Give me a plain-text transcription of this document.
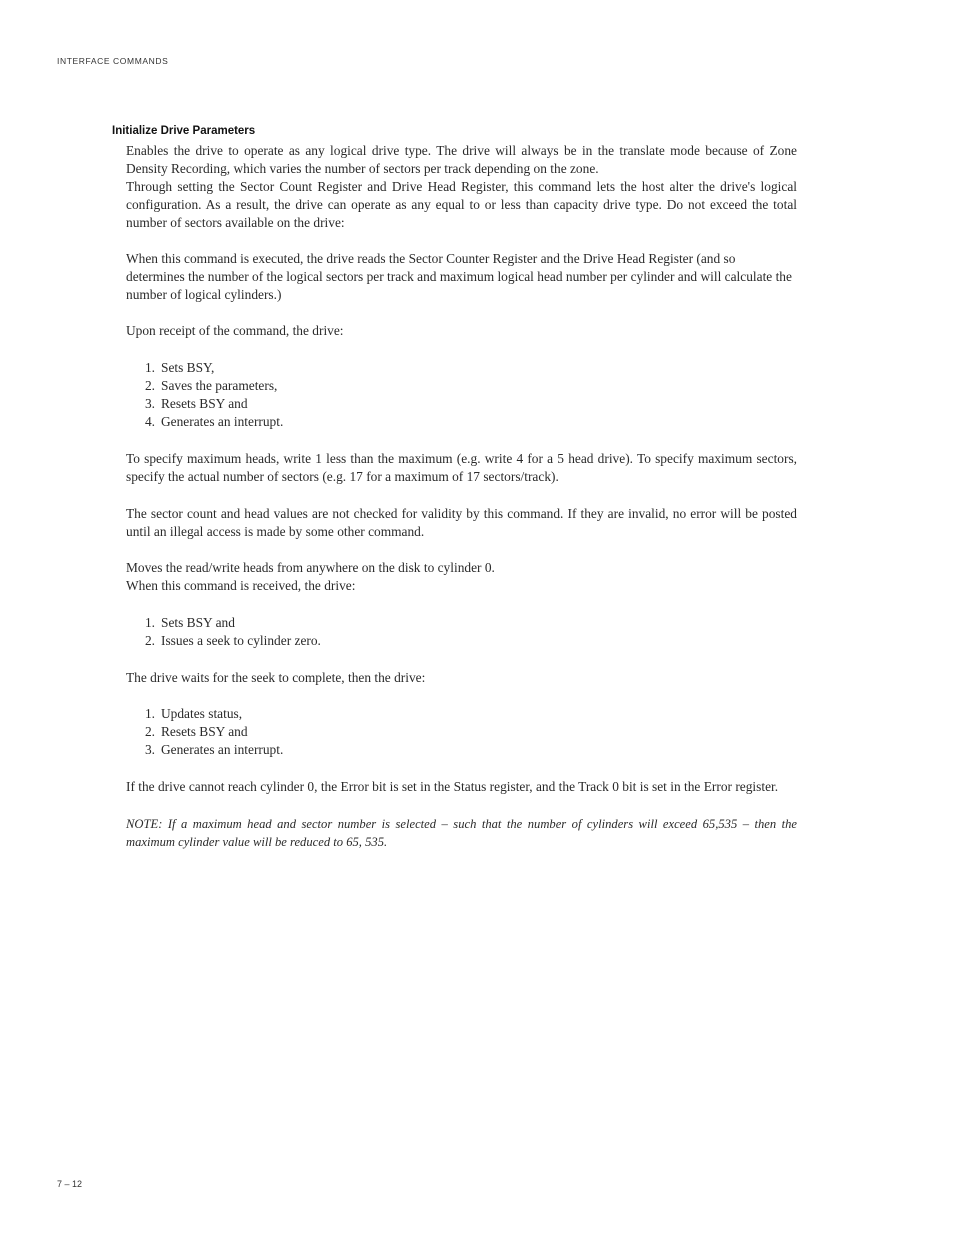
INTERFACE COMMANDS
Initialize Drive Parameters

Enables the drive to operate as any logical drive type. The drive will always be in the translate mode because of Zone Density Recording, which varies the number of sectors per track depending on the zone.

Through setting the Sector Count Register and Drive Head Register, this command lets the host alter the drive's logical configuration. As a result, the drive can operate as any equal to or less than capacity drive type. Do not exceed the total number of sectors available on the drive:

When this command is executed, the drive reads the Sector Counter Register and the Drive Head Register (and so determines the number of the logical sectors per track and maximum logical head number per cylinder and will calculate the number of logical cylinders.)

Upon receipt of the command, the drive:

1. Sets BSY,
2. Saves the parameters,
3. Resets BSY and
4. Generates an interrupt.

To specify maximum heads, write 1 less than the maximum (e.g. write 4 for a 5 head drive). To specify maximum sectors, specify the actual number of sectors (e.g. 17 for a maximum of 17 sectors/track).

The sector count and head values are not checked for validity by this command. If they are invalid, no error will be posted until an illegal access is made by some other command.

Moves the read/write heads from anywhere on the disk to cylinder 0.

When this command is received, the drive:

1. Sets BSY and
2. Issues a seek to cylinder zero.

The drive waits for the seek to complete, then the drive:

1. Updates status,
2. Resets BSY and
3. Generates an interrupt.

If the drive cannot reach cylinder 0, the Error bit is set in the Status register, and the Track 0 bit is set in the Error register.

NOTE: If a maximum head and sector number is selected – such that the number of cylinders will exceed 65,535 – then the maximum cylinder value will be reduced to 65, 535.

7 – 12
